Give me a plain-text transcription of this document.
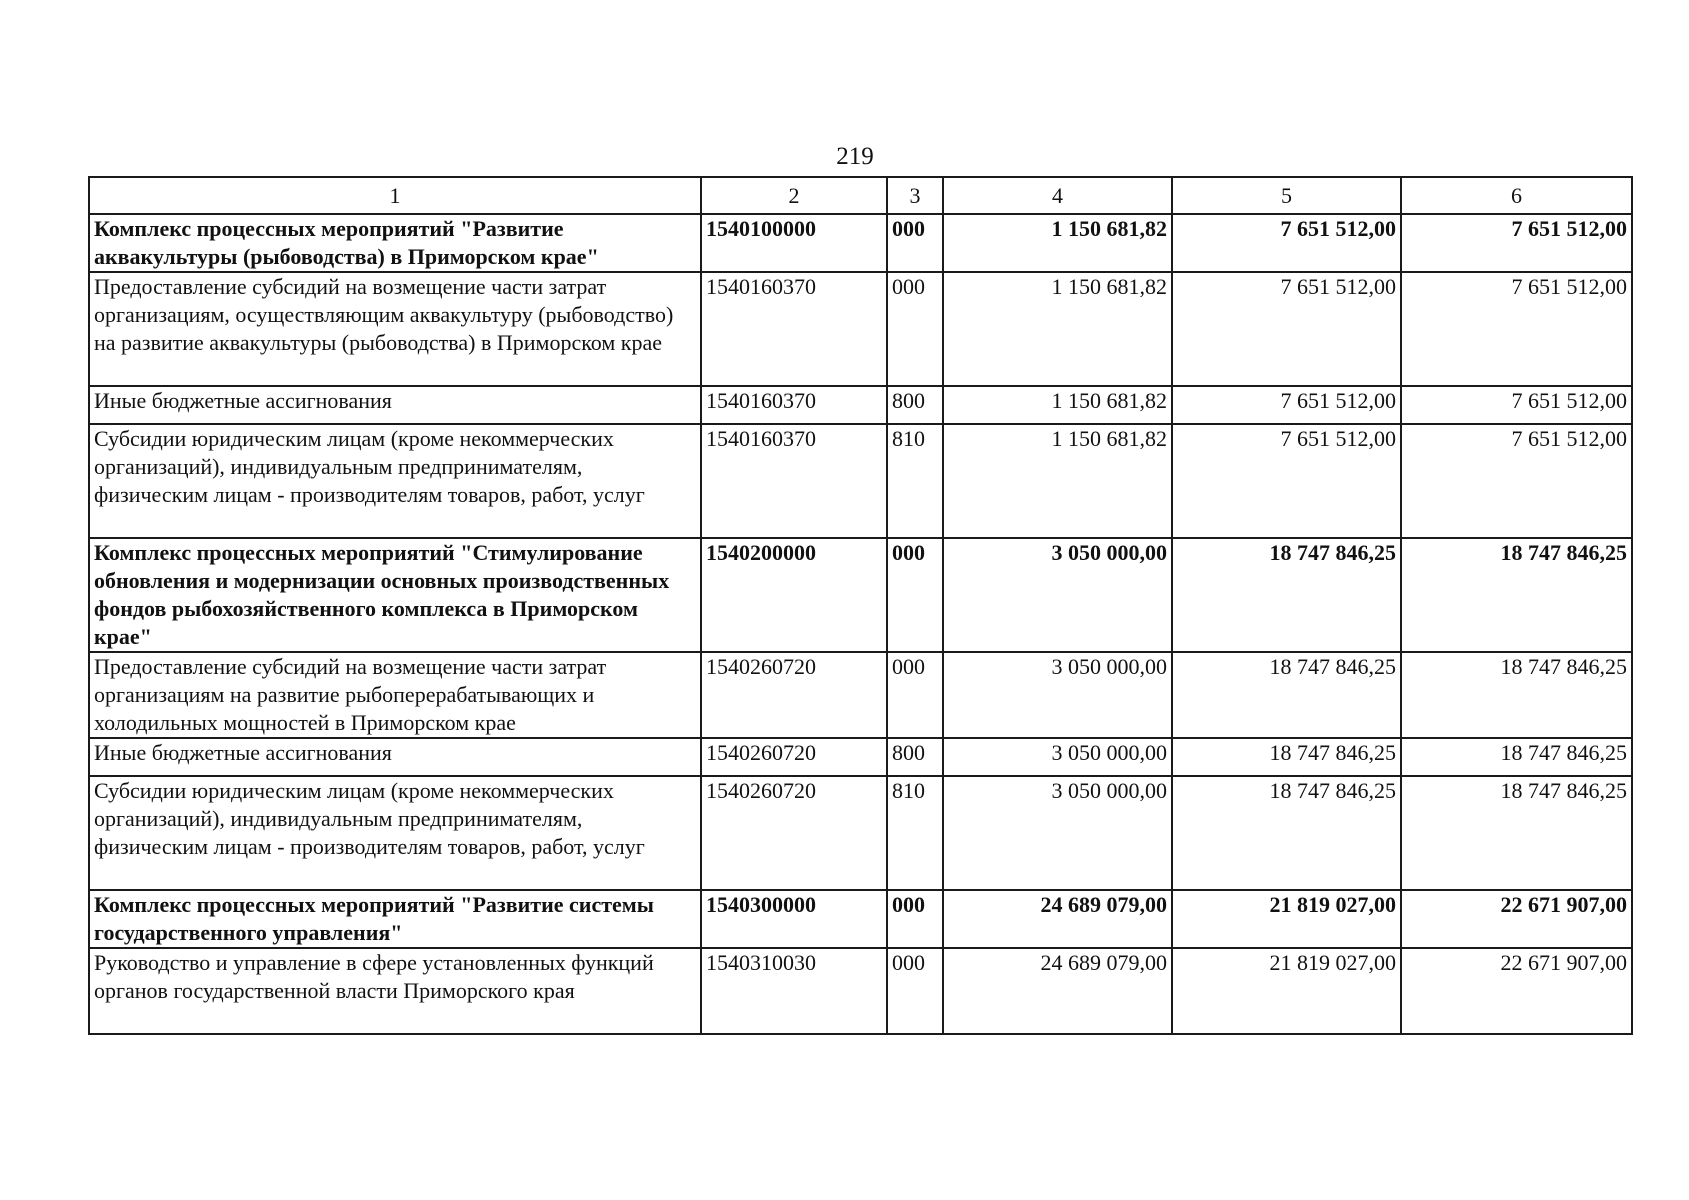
219
1	2	3	4	5	6
Комплекс процессных мероприятий "Развитие аквакультуры (рыбоводства) в Приморском крае"	1540100000	000	1 150 681,82	7 651 512,00	7 651 512,00
Предоставление субсидий на возмещение части затрат организациям, осуществляющим аквакультуру (рыбоводство) на развитие аквакультуры (рыбоводства) в Приморском крае	1540160370	000	1 150 681,82	7 651 512,00	7 651 512,00
Иные бюджетные ассигнования	1540160370	800	1 150 681,82	7 651 512,00	7 651 512,00
Субсидии юридическим лицам (кроме некоммерческих организаций), индивидуальным предпринимателям, физическим лицам - производителям товаров, работ, услуг	1540160370	810	1 150 681,82	7 651 512,00	7 651 512,00
Комплекс процессных мероприятий "Стимулирование обновления и модернизации основных производственных фондов рыбохозяйственного комплекса в Приморском крае"	1540200000	000	3 050 000,00	18 747 846,25	18 747 846,25
Предоставление субсидий на возмещение части затрат организациям на развитие рыбоперерабатывающих и холодильных мощностей в Приморском крае	1540260720	000	3 050 000,00	18 747 846,25	18 747 846,25
Иные бюджетные ассигнования	1540260720	800	3 050 000,00	18 747 846,25	18 747 846,25
Субсидии юридическим лицам (кроме некоммерческих организаций), индивидуальным предпринимателям, физическим лицам - производителям товаров, работ, услуг	1540260720	810	3 050 000,00	18 747 846,25	18 747 846,25
Комплекс процессных мероприятий "Развитие системы государственного управления"	1540300000	000	24 689 079,00	21 819 027,00	22 671 907,00
Руководство и управление в сфере установленных функций органов государственной власти Приморского края	1540310030	000	24 689 079,00	21 819 027,00	22 671 907,00
